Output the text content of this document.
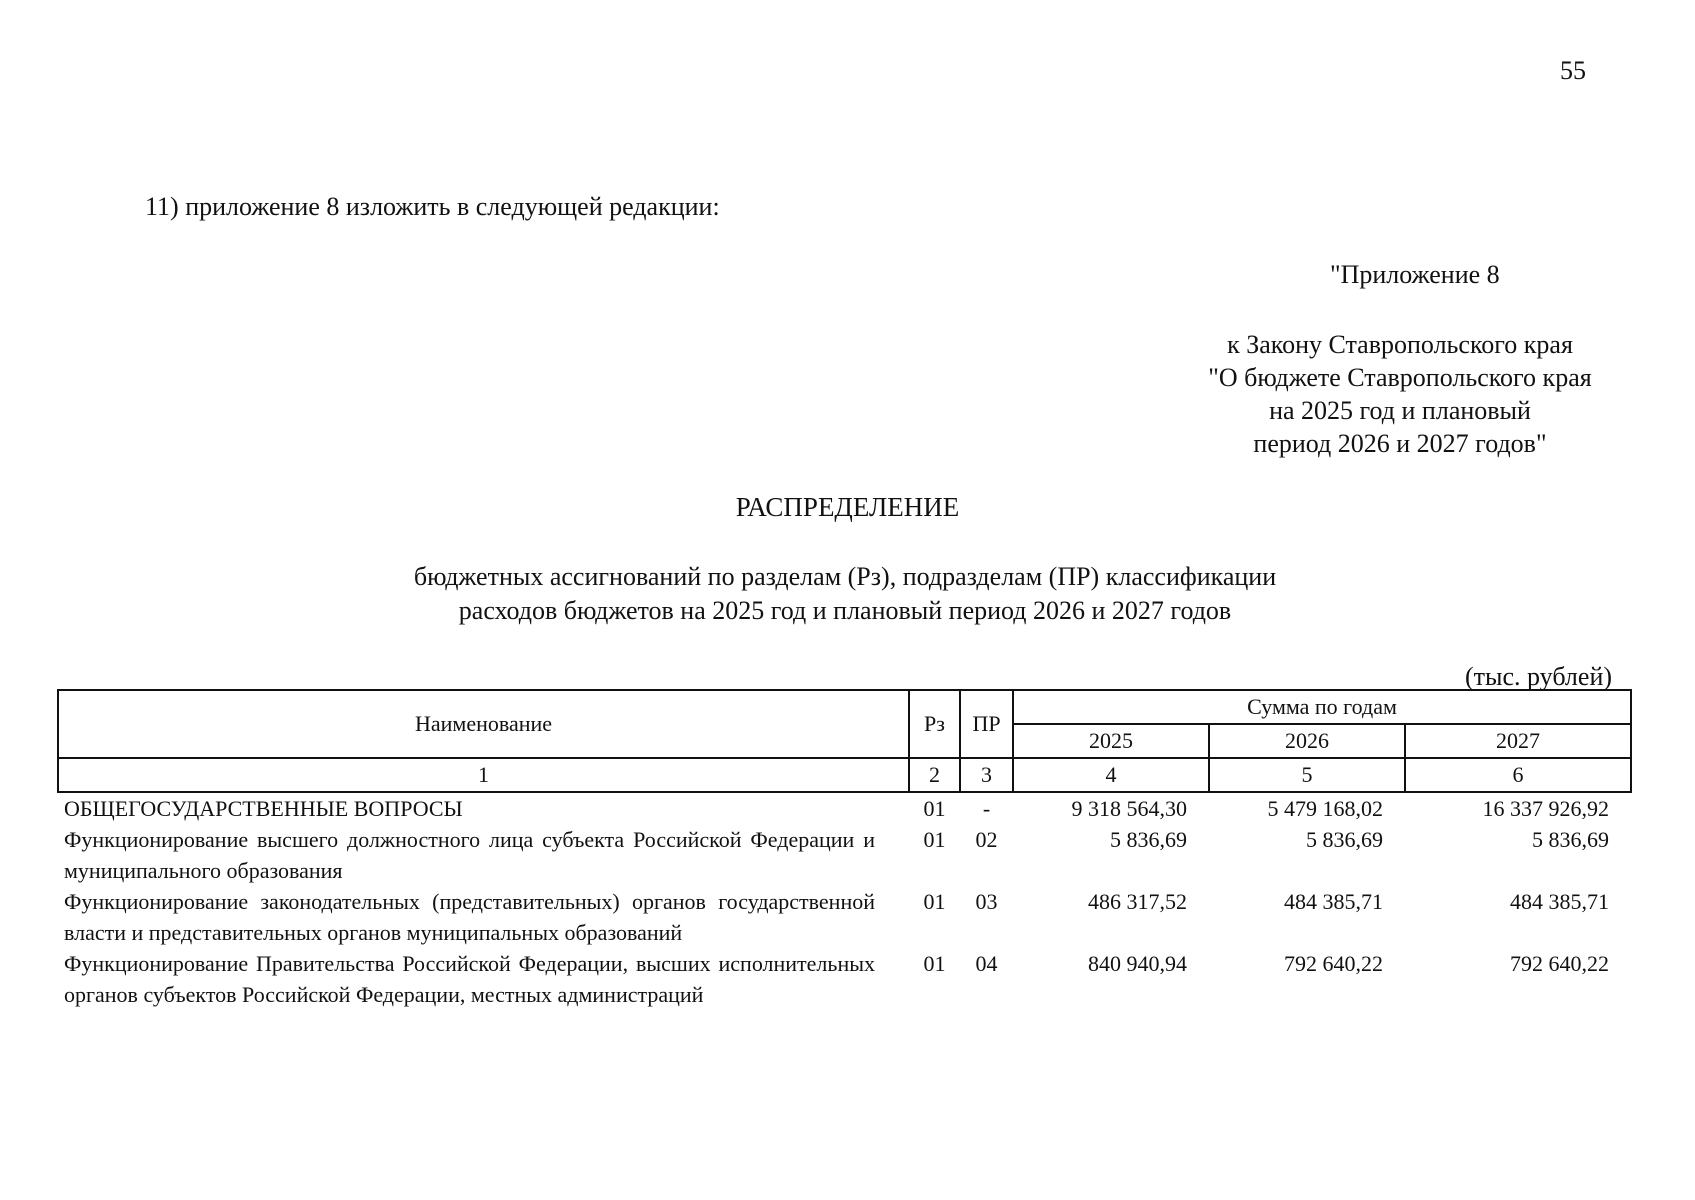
55
11) приложение 8 изложить в следующей редакции:
"Приложение 8
к Закону Ставропольского края
"О бюджете Ставропольского края
на 2025 год и плановый
период 2026 и 2027 годов"
РАСПРЕДЕЛЕНИЕ
бюджетных ассигнований по разделам (Рз), подразделам (ПР) классификации
расходов бюджетов на 2025 год и плановый период 2026 и 2027 годов
(тыс. рублей)
Наименование	Рз	ПР	Сумма по годам		
			2025	2026	2027
1	2	3	4	5	6
ОБЩЕГОСУДАРСТВЕННЫЕ ВОПРОСЫ	01	-	9 318 564,30	5 479 168,02	16 337 926,92
Функционирование высшего должностного лица субъекта Российской Федерации и муниципального образования	01	02	5 836,69	5 836,69	5 836,69
Функционирование законодательных (представительных) органов государственной власти и представительных органов муниципальных образований	01	03	486 317,52	484 385,71	484 385,71
Функционирование Правительства Российской Федерации, высших исполнительных органов субъектов Российской Федерации, местных администраций	01	04	840 940,94	792 640,22	792 640,22
